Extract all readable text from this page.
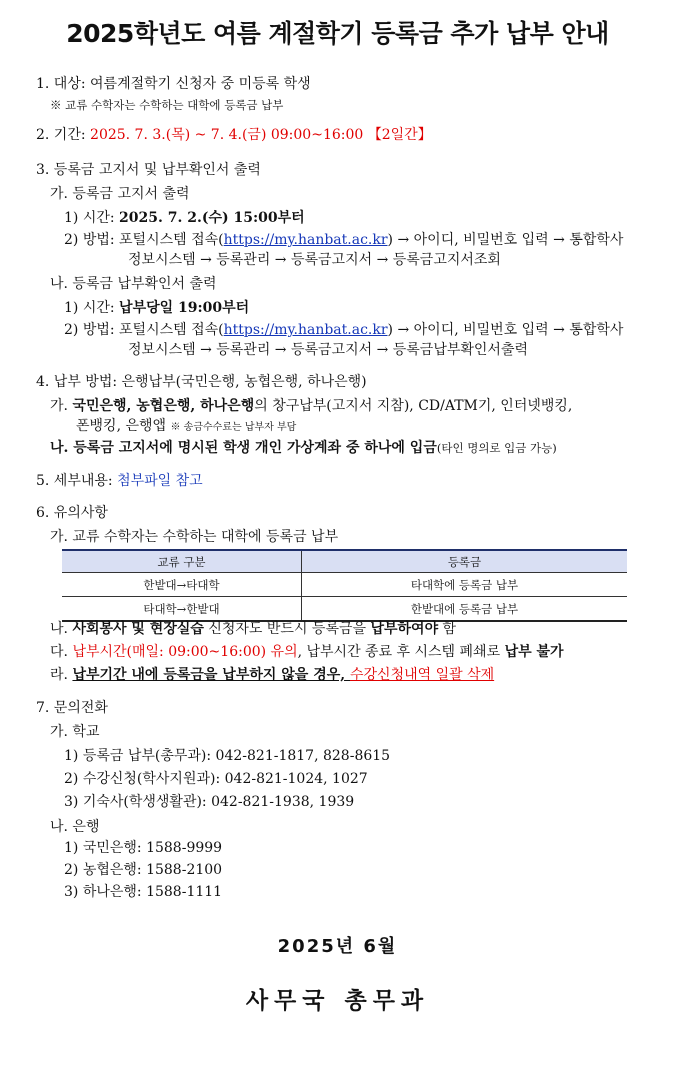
2025학년도 여름 계절학기 등록금 추가 납부 안내
1. 대상: 여름계절학기 신청자 중 미등록 학생
※ 교류 수학자는 수학하는 대학에 등록금 납부
2. 기간: 2025. 7. 3.(목) ~ 7. 4.(금) 09:00~16:00 【2일간】
3. 등록금 고지서 및 납부확인서 출력
가. 등록금 고지서 출력
1) 시간: 2025. 7. 2.(수) 15:00부터
2) 방법: 포털시스템 접속(https://my.hanbat.ac.kr) → 아이디, 비밀번호 입력 → 통합학사
정보시스템 → 등록관리 → 등록금고지서 → 등록금고지서조회
나. 등록금 납부확인서 출력
1) 시간: 납부당일 19:00부터
2) 방법: 포털시스템 접속(https://my.hanbat.ac.kr) → 아이디, 비밀번호 입력 → 통합학사
정보시스템 → 등록관리 → 등록금고지서 → 등록금납부확인서출력
4. 납부 방법: 은행납부(국민은행, 농협은행, 하나은행)
가. 국민은행, 농협은행, 하나은행의 창구납부(고지서 지참), CD/ATM기, 인터넷뱅킹,
폰뱅킹, 은행앱 ※ 송금수수료는 납부자 부담
나. 등록금 고지서에 명시된 학생 개인 가상계좌 중 하나에 입금(타인 명의로 입금 가능)
5. 세부내용: 첨부파일 참고
6. 유의사항
가. 교류 수학자는 수학하는 대학에 등록금 납부
교류 구분	등록금
한밭대→타대학	타대학에 등록금 납부
타대학→한밭대	한밭대에 등록금 납부
나. 사회봉사 및 현장실습 신청자도 반드시 등록금을 납부하여야 함
다. 납부시간(매일: 09:00~16:00) 유의, 납부시간 종료 후 시스템 폐쇄로 납부 불가
라. 납부기간 내에 등록금을 납부하지 않을 경우, 수강신청내역 일괄 삭제
7. 문의전화
가. 학교
1) 등록금 납부(총무과): 042-821-1817, 828-8615
2) 수강신청(학사지원과): 042-821-1024, 1027
3) 기숙사(학생생활관): 042-821-1938, 1939
나. 은행
1) 국민은행: 1588-9999
2) 농협은행: 1588-2100
3) 하나은행: 1588-1111
2025년 6월
사무국 총무과
